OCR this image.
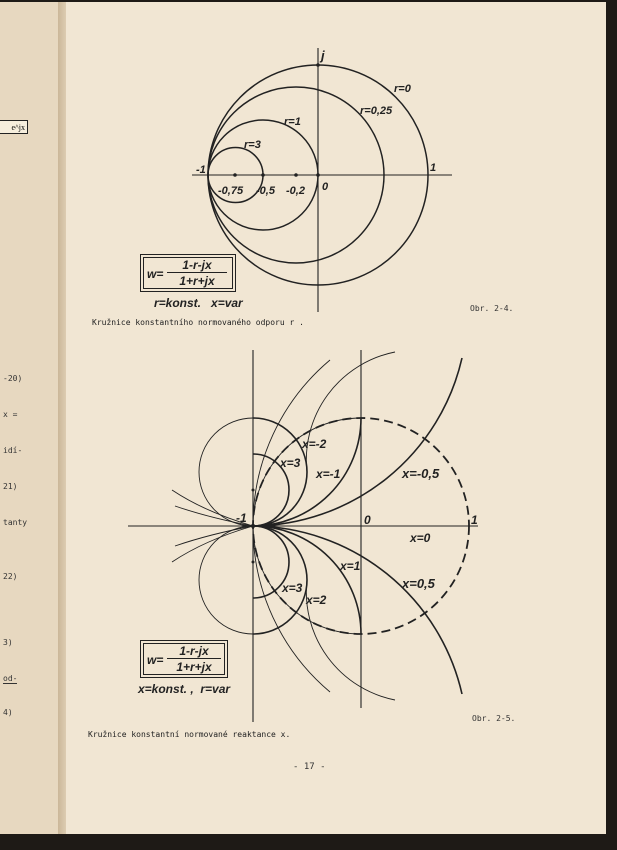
e^jx
-20)
x =
idí-
21)
tanty
22)
3)
od-
4)
j
r=0
r=0,25
r=1
r=3
-1
-0,75 -0,5 -0,2 0
1
x=-2
x=3
x=-1	x=-0,5
-1	0	1
x=0
x=1
x=3
x=2
x=0,5
w=
1-r-jx
1+r+jx
r=konst.   x=var
Kružnice konstantního normovaného odporu r .
Obr. 2-4.
w=
1-r-jx
1+r+jx
x=konst. ,  r=var
Kružnice konstantní normované reaktance x.
Obr. 2-5.
- 17 -
